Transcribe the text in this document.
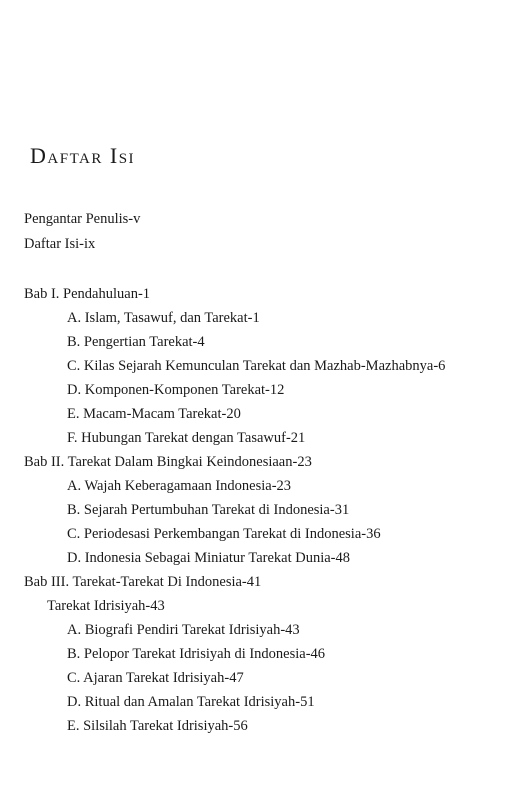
Daftar Isi
Pengantar Penulis-v
Daftar Isi-ix
Bab I. Pendahuluan-1
A. Islam, Tasawuf, dan Tarekat-1
B. Pengertian Tarekat-4
C. Kilas Sejarah Kemunculan Tarekat dan Mazhab-Mazhabnya-6
D. Komponen-Komponen Tarekat-12
E. Macam-Macam Tarekat-20
F. Hubungan Tarekat dengan Tasawuf-21
Bab II. Tarekat Dalam Bingkai Keindonesiaan-23
A. Wajah Keberagamaan Indonesia-23
B. Sejarah Pertumbuhan Tarekat di Indonesia-31
C. Periodesasi Perkembangan Tarekat di Indonesia-36
D. Indonesia Sebagai Miniatur Tarekat Dunia-48
Bab III. Tarekat-Tarekat Di Indonesia-41
Tarekat Idrisiyah-43
A. Biografi Pendiri Tarekat Idrisiyah-43
B. Pelopor Tarekat Idrisiyah di Indonesia-46
C. Ajaran Tarekat Idrisiyah-47
D. Ritual dan Amalan Tarekat Idrisiyah-51
E. Silsilah Tarekat Idrisiyah-56
